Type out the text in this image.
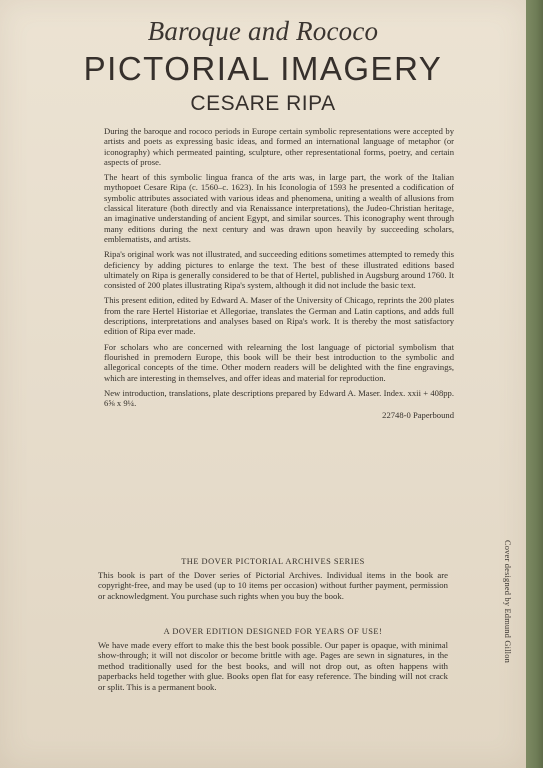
Baroque and Rococo
PICTORIAL IMAGERY
CESARE RIPA

During the baroque and rococo periods in Europe certain symbolic representations were accepted by artists and poets as expressing basic ideas, and formed an international language of metaphor (or iconography) which permeated painting, sculpture, other representational forms, poetry, and certain aspects of prose.

The heart of this symbolic lingua franca of the arts was, in large part, the work of the Italian mythopoet Cesare Ripa (c. 1560–c. 1623). In his Iconologia of 1593 he presented a codification of symbolic attributes associated with various ideas and phenomena, uniting a wealth of allusions from classical literature (both directly and via Renaissance interpretations), the Judeo-Christian heritage, an imaginative understanding of ancient Egypt, and similar sources. This iconography went through many editions during the next century and was drawn upon heavily by succeeding scholars, emblematists, and artists.

Ripa's original work was not illustrated, and succeeding editions sometimes attempted to remedy this deficiency by adding pictures to enlarge the text. The best of these illustrated editions based ultimately on Ripa is generally considered to be that of Hertel, published in Augsburg around 1760. It consisted of 200 plates illustrating Ripa's system, although it did not include the basic text.

This present edition, edited by Edward A. Maser of the University of Chicago, reprints the 200 plates from the rare Hertel Historiae et Allegoriae, translates the German and Latin captions, and adds full descriptions, interpretations and analyses based on Ripa's work. It is thereby the most satisfactory edition of Ripa ever made.

For scholars who are concerned with relearning the lost language of pictorial symbolism that flourished in premodern Europe, this book will be their best introduction to the symbolic and allegorical concepts of the time. Other modern readers will be delighted with the fine engravings, which are interesting in themselves, and offer ideas and material for reproduction.

New introduction, translations, plate descriptions prepared by Edward A. Maser. Index. xxii + 408pp. 6⅝ x 9¼.

22748-0 Paperbound
THE DOVER PICTORIAL ARCHIVES SERIES

This book is part of the Dover series of Pictorial Archives. Individual items in the book are copyright-free, and may be used (up to 10 items per occasion) without further payment, permission or acknowledgment. You purchase such rights when you buy the book.

A DOVER EDITION DESIGNED FOR YEARS OF USE!

We have made every effort to make this the best book possible. Our paper is opaque, with minimal show-through; it will not discolor or become brittle with age. Pages are sewn in signatures, in the method traditionally used for the best books, and will not drop out, as often happens with paperbacks held together with glue. Books open flat for easy reference. The binding will not crack or split. This is a permanent book.

Cover designed by Edmund Gillon
